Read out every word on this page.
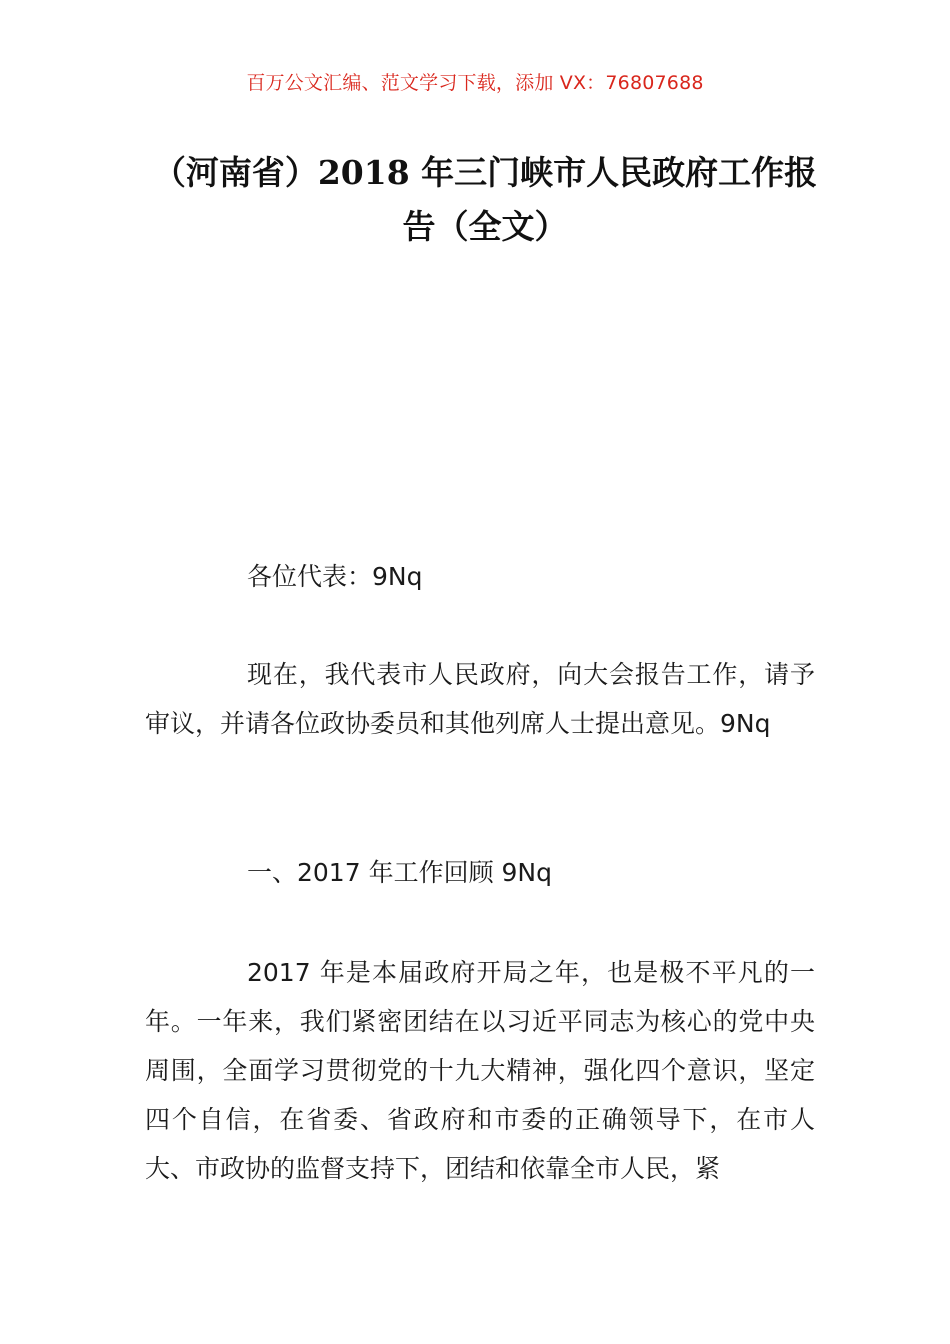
百万公文汇编、范文学习下载，添加 VX：76807688
（河南省）2018 年三门峡市人民政府工作报告（全文）
各位代表：9Nq
现在，我代表市人民政府，向大会报告工作，请予审议，并请各位政协委员和其他列席人士提出意见。9Nq
一、2017 年工作回顾 9Nq
2017 年是本届政府开局之年，也是极不平凡的一年。一年来，我们紧密团结在以习近平同志为核心的党中央周围，全面学习贯彻党的十九大精神，强化四个意识，坚定四个自信，在省委、省政府和市委的正确领导下，在市人大、市政协的监督支持下，团结和依靠全市人民，紧
